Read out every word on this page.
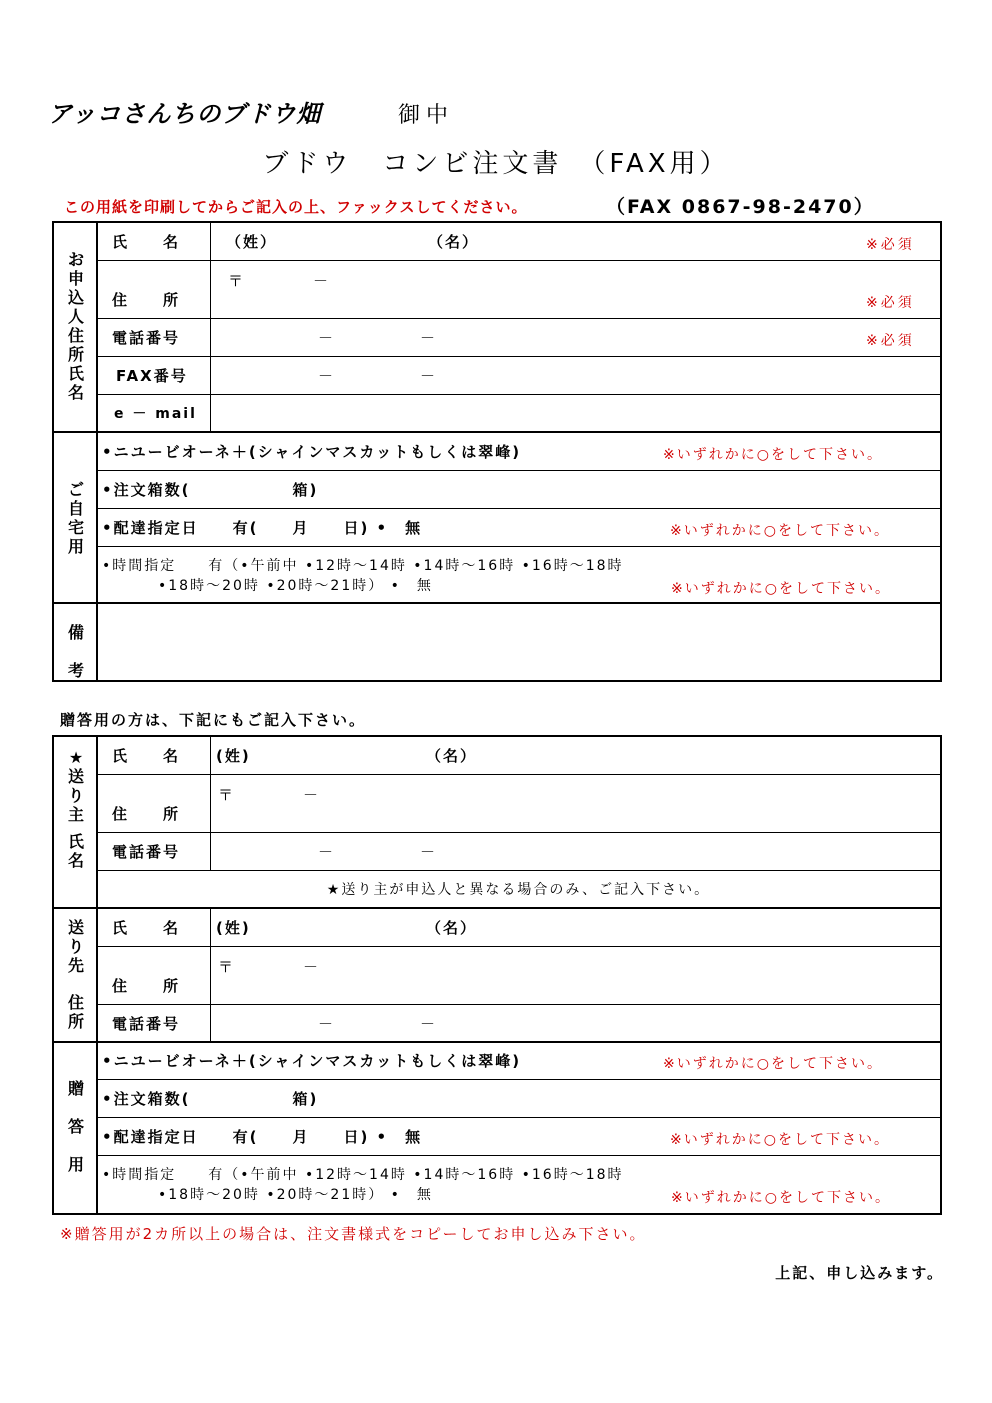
アッコさんちのブドウ畑	御中
ブドウ　コンビ注文書　（FAX用）
この用紙を印刷してからご記入の上、ファックスしてください。	（FAX 0867-98-2470）
お
申
込
人
住
所
氏
名
氏　　名	（姓）	（名）	※必須
〒　　　　－
住　　所	※必須
電話番号	－　　　　　－	※必須
FAX番号	－　　　　　－
e － mail
ご
自
宅
用
•ニユービオーネ＋(シャインマスカットもしくは翠峰)	※いずれかに○をして下さい。
•注文箱数(　　　　　　箱)
•配達指定日　　有(　　月　　日) •　無	※いずれかに○をして下さい。
•時間指定　　有（•午前中 •12時～14時 •14時～16時 •16時～18時
•18時～20時 •20時～21時） •　無	※いずれかに○をして下さい。
備
考
贈答用の方は、下記にもご記入下さい。
★
送
り
主
氏
名
氏　　名 (姓)	（名）
〒　　　　－
住　　所
電話番号	－　　　　　－
★送り主が申込人と異なる場合のみ、ご記入下さい。
送
り
先
住
所
氏　　名 (姓)	（名）
〒　　　　－
住　　所
電話番号	－　　　　　－
贈
答
用
•ニユービオーネ＋(シャインマスカットもしくは翠峰)	※いずれかに○をして下さい。
•注文箱数(　　　　　　箱)
•配達指定日　　有(　　月　　日) •　無	※いずれかに○をして下さい。
•時間指定　　有（•午前中 •12時～14時 •14時～16時 •16時～18時
•18時～20時 •20時～21時） •　無	※いずれかに○をして下さい。
※贈答用が2カ所以上の場合は、注文書様式をコピーしてお申し込み下さい。
上記、申し込みます。
